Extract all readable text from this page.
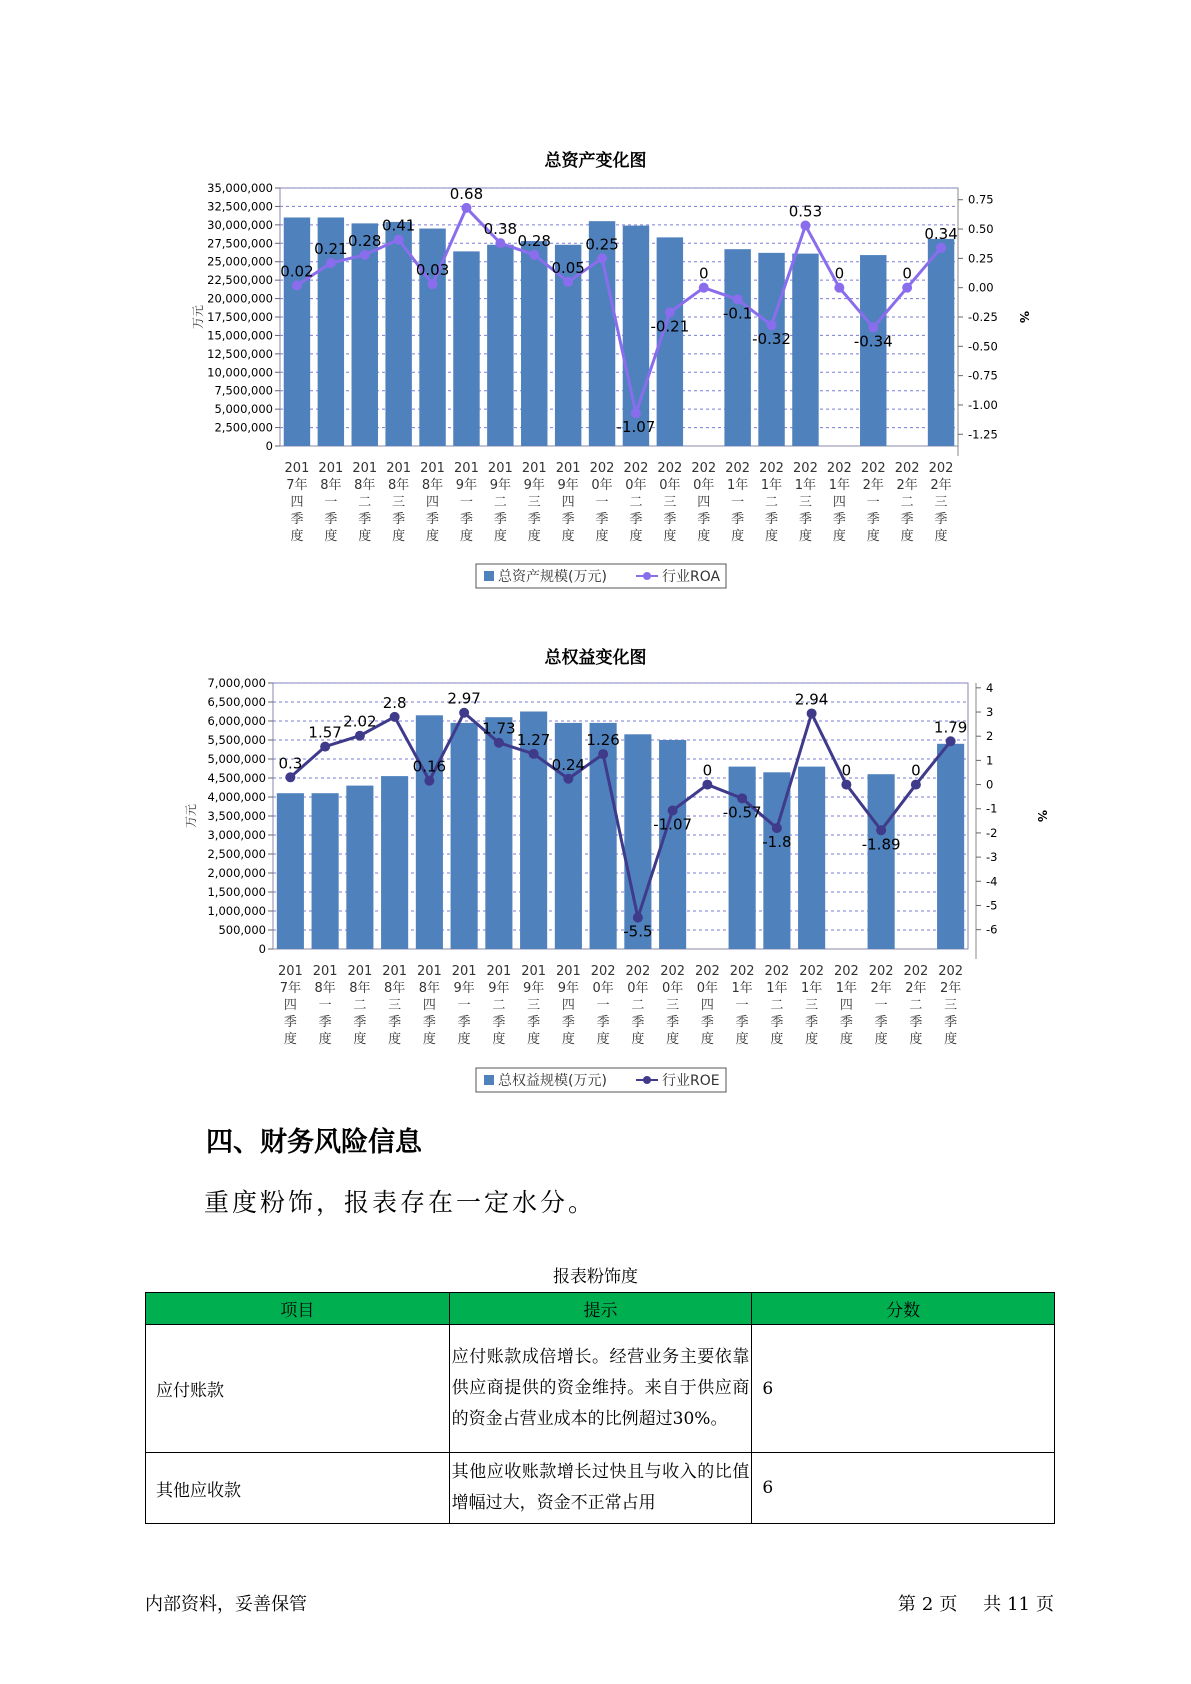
总资产变化图
0
2,500,000
5,000,000
7,500,000
10,000,000
12,500,000
15,000,000
17,500,000
20,000,000
22,500,000
25,000,000
27,500,000
30,000,000
32,500,000
35,000,000
万元
-1.25
-1.00
-0.75
-0.50
-0.25
0.00
0.25
0.50
0.75
%
0.02
0.21 0.28
0.41
0.03
0.68
0.38
0.28
0.05
0.25
-1.07
-0.21
0
-0.1
-0.32
0.53
0
-0.34
0
0.34
201
7年
四
季
度
201
8年
一
季
度
201
8年
二
季
度
201
8年
三
季
度
201
8年
四
季
度
201
9年
一
季
度
201
9年
二
季
度
201
9年
三
季
度
201
9年
四
季
度
202
0年
一
季
度
202
0年
二
季
度
202
0年
三
季
度
202
0年
四
季
度
202
1年
一
季
度
202
1年
二
季
度
202
1年
三
季
度
202
1年
四
季
度
202
2年
一
季
度
202
2年
二
季
度
202
2年
三
季
度
总资产规模(万元)	行业ROA
总权益变化图
0
500,000
1,000,000
1,500,000
2,000,000
2,500,000
3,000,000
3,500,000
4,000,000
4,500,000
5,000,000
5,500,000
6,000,000
6,500,000
7,000,000
万元
-6
-5
-4
-3
-2
-1
0
1
2
3
4
%
0.3
1.57
2.02
2.8
0.16
2.97
1.73
1.27
0.24
1.26
-5.5
-1.07
0
-0.57
-1.8
2.94
0
-1.89
0
1.79
201
7年
四
季
度
201
8年
一
季
度
201
8年
二
季
度
201
8年
三
季
度
201
8年
四
季
度
201
9年
一
季
度
201
9年
二
季
度
201
9年
三
季
度
201
9年
四
季
度
202
0年
一
季
度
202
0年
二
季
度
202
0年
三
季
度
202
0年
四
季
度
202
1年
一
季
度
202
1年
二
季
度
202
1年
三
季
度
202
1年
四
季
度
202
2年
一
季
度
202
2年
二
季
度
202
2年
三
季
度
总权益规模(万元)	行业ROE
四、财务风险信息
重度粉饰，报表存在一定水分。
报表粉饰度
项目	提示	分数
应付账款	应付账款成倍增长。经营业务主要依靠供应商提供的资金维持。来自于供应商的资金占营业成本的比例超过30%。	6
其他应收款	其他应收账款增长过快且与收入的比值增幅过大，资金不正常占用	6
内部资料，妥善保管	第 2 页 共 11 页
